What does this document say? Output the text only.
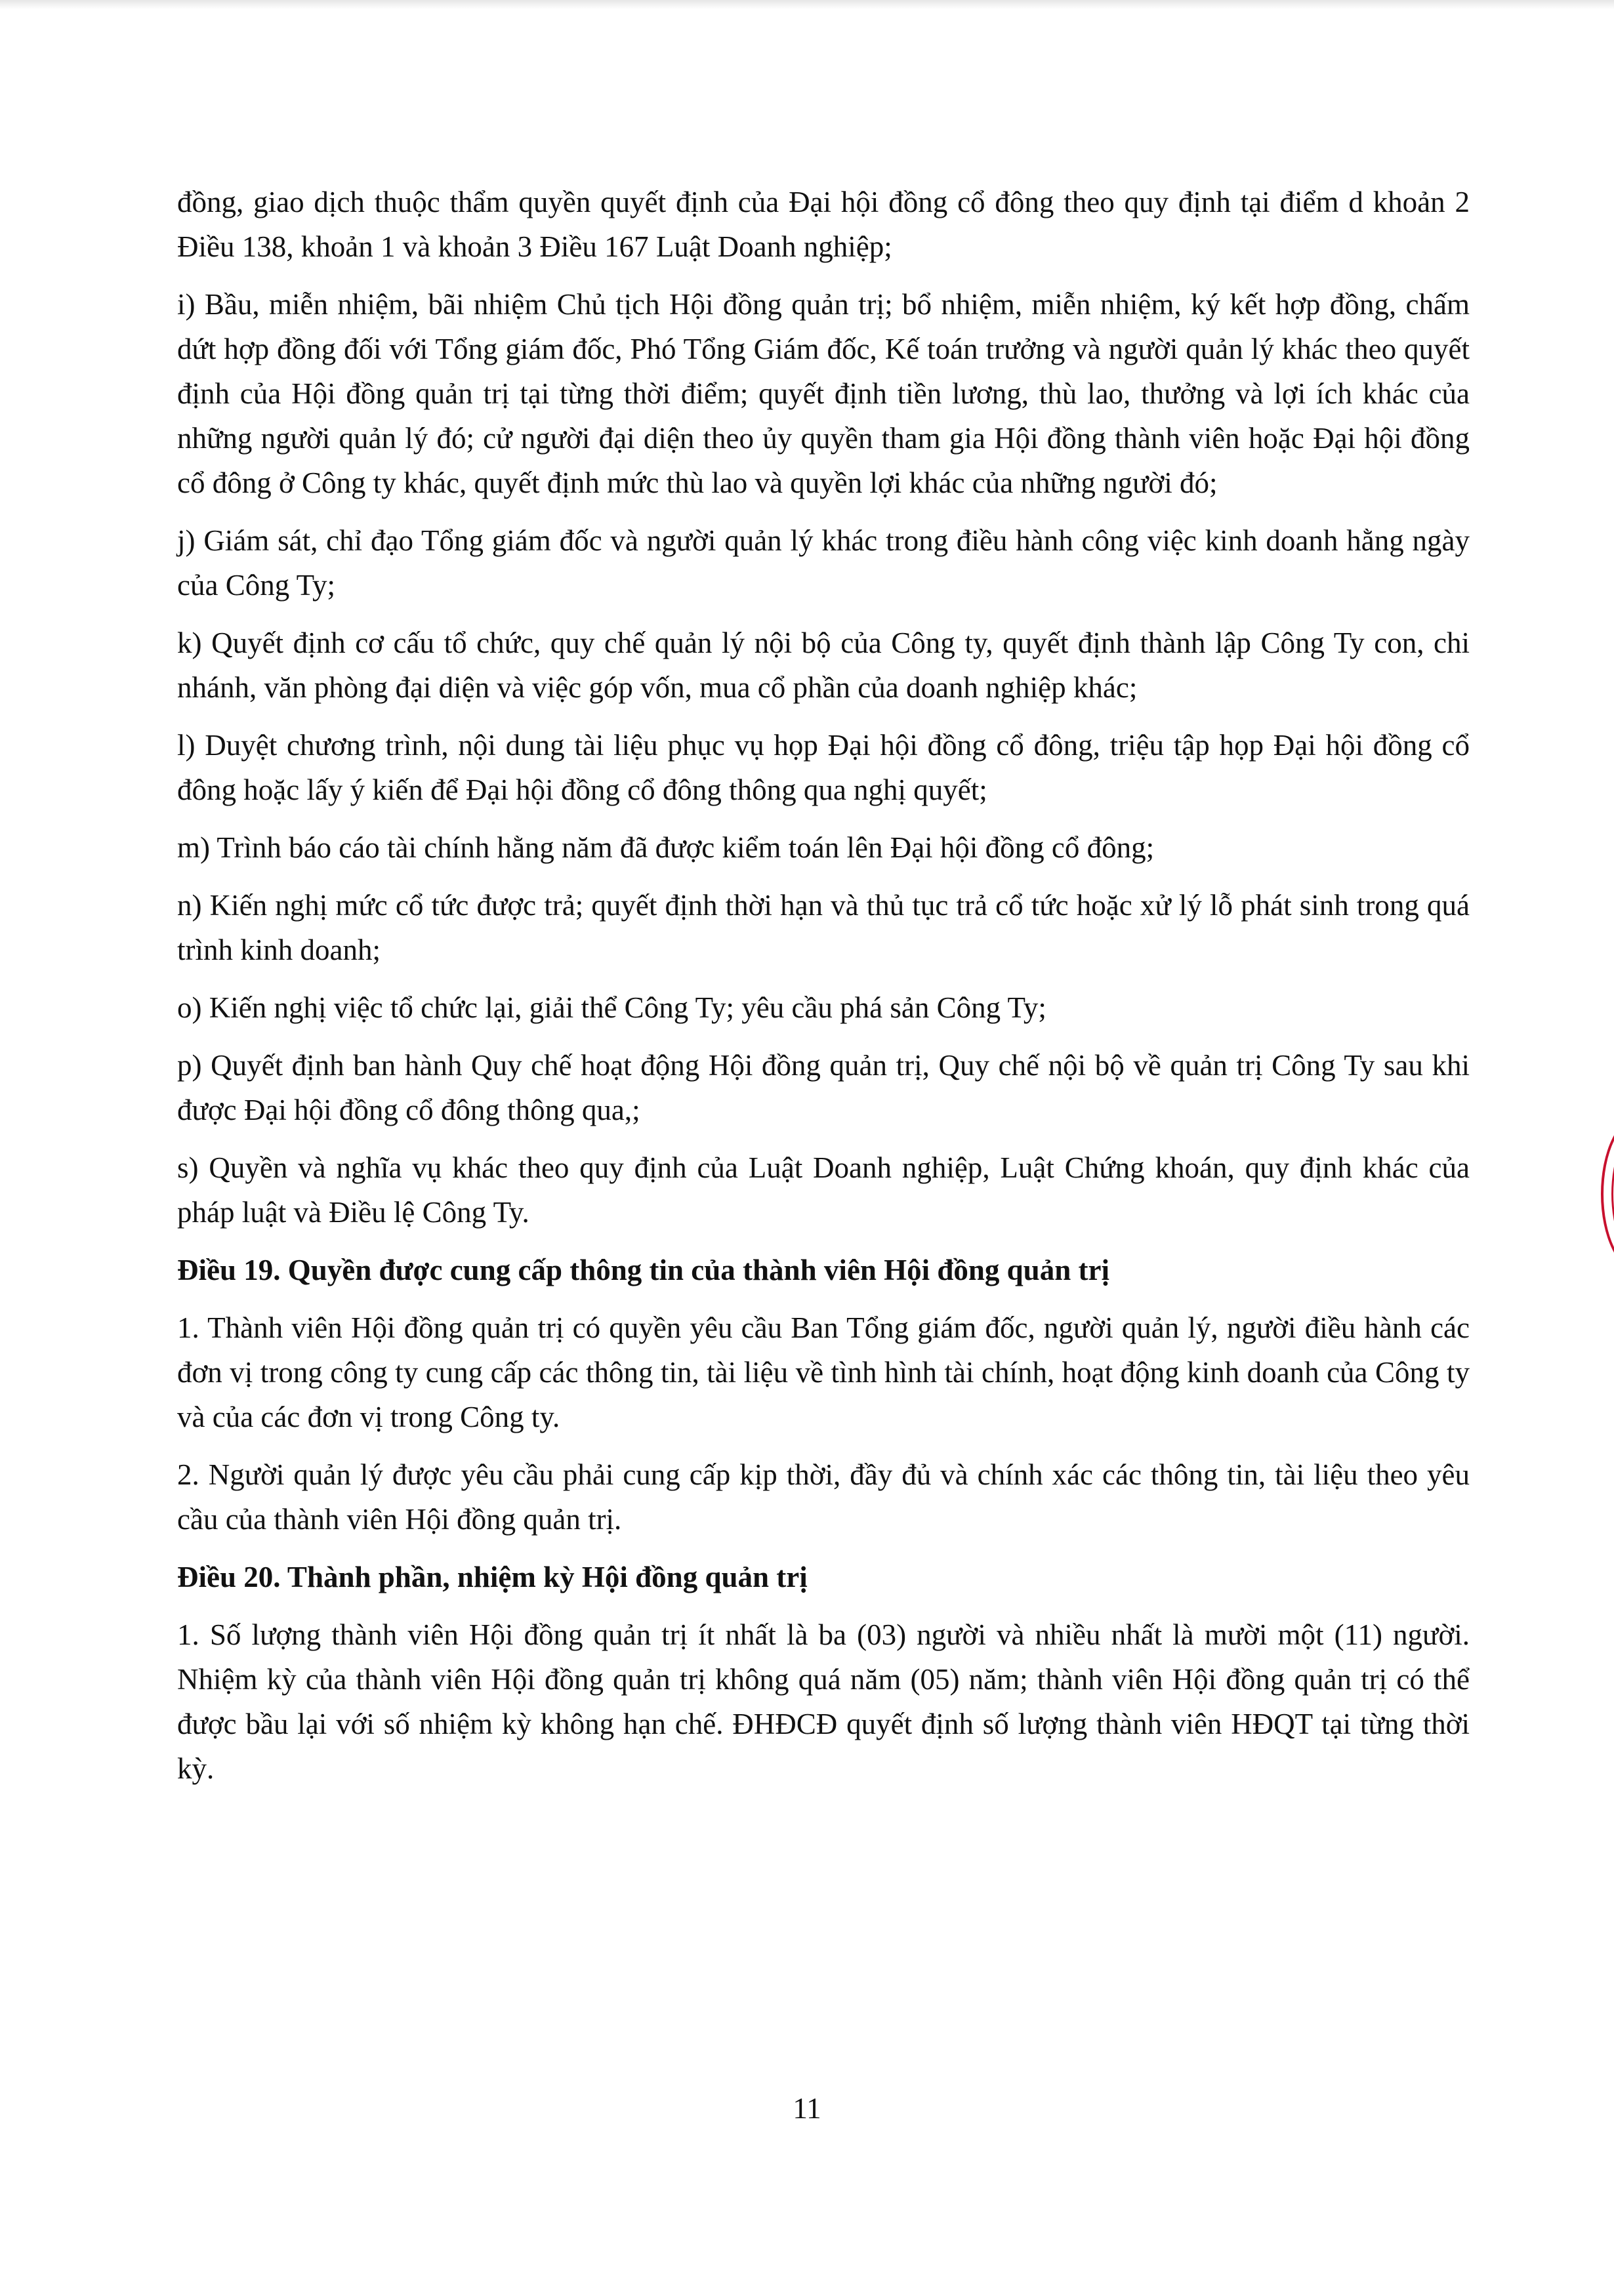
đồng, giao dịch thuộc thẩm quyền quyết định của Đại hội đồng cổ đông theo quy định tại điểm d khoản 2 Điều 138, khoản 1 và khoản 3 Điều 167 Luật Doanh nghiệp;

i) Bầu, miễn nhiệm, bãi nhiệm Chủ tịch Hội đồng quản trị; bổ nhiệm, miễn nhiệm, ký kết hợp đồng, chấm dứt hợp đồng đối với Tổng giám đốc, Phó Tổng Giám đốc, Kế toán trưởng và người quản lý khác theo quyết định của Hội đồng quản trị tại từng thời điểm; quyết định tiền lương, thù lao, thưởng và lợi ích khác của những người quản lý đó; cử người đại diện theo ủy quyền tham gia Hội đồng thành viên hoặc Đại hội đồng cổ đông ở Công ty khác, quyết định mức thù lao và quyền lợi khác của những người đó;

j) Giám sát, chỉ đạo Tổng giám đốc và người quản lý khác trong điều hành công việc kinh doanh hằng ngày của Công Ty;

k) Quyết định cơ cấu tổ chức, quy chế quản lý nội bộ của Công ty, quyết định thành lập Công Ty con, chi nhánh, văn phòng đại diện và việc góp vốn, mua cổ phần của doanh nghiệp khác;

l) Duyệt chương trình, nội dung tài liệu phục vụ họp Đại hội đồng cổ đông, triệu tập họp Đại hội đồng cổ đông hoặc lấy ý kiến để Đại hội đồng cổ đông thông qua nghị quyết;

m) Trình báo cáo tài chính hằng năm đã được kiểm toán lên Đại hội đồng cổ đông;

n) Kiến nghị mức cổ tức được trả; quyết định thời hạn và thủ tục trả cổ tức hoặc xử lý lỗ phát sinh trong quá trình kinh doanh;

o) Kiến nghị việc tổ chức lại, giải thể Công Ty; yêu cầu phá sản Công Ty;

p) Quyết định ban hành Quy chế hoạt động Hội đồng quản trị, Quy chế nội bộ về quản trị Công Ty sau khi được Đại hội đồng cổ đông thông qua,;

s) Quyền và nghĩa vụ khác theo quy định của Luật Doanh nghiệp, Luật Chứng khoán, quy định khác của pháp luật và Điều lệ Công Ty.

Điều 19. Quyền được cung cấp thông tin của thành viên Hội đồng quản trị

1. Thành viên Hội đồng quản trị có quyền yêu cầu Ban Tổng giám đốc, người quản lý, người điều hành các đơn vị trong công ty cung cấp các thông tin, tài liệu về tình hình tài chính, hoạt động kinh doanh của Công ty và của các đơn vị trong Công ty.

2. Người quản lý được yêu cầu phải cung cấp kịp thời, đầy đủ và chính xác các thông tin, tài liệu theo yêu cầu của thành viên Hội đồng quản trị.

Điều 20. Thành phần, nhiệm kỳ Hội đồng quản trị

1. Số lượng thành viên Hội đồng quản trị ít nhất là ba (03) người và nhiều nhất là mười một (11) người. Nhiệm kỳ của thành viên Hội đồng quản trị không quá năm (05) năm; thành viên Hội đồng quản trị có thể được bầu lại với số nhiệm kỳ không hạn chế. ĐHĐCĐ quyết định số lượng thành viên HĐQT tại từng thời kỳ.

11
